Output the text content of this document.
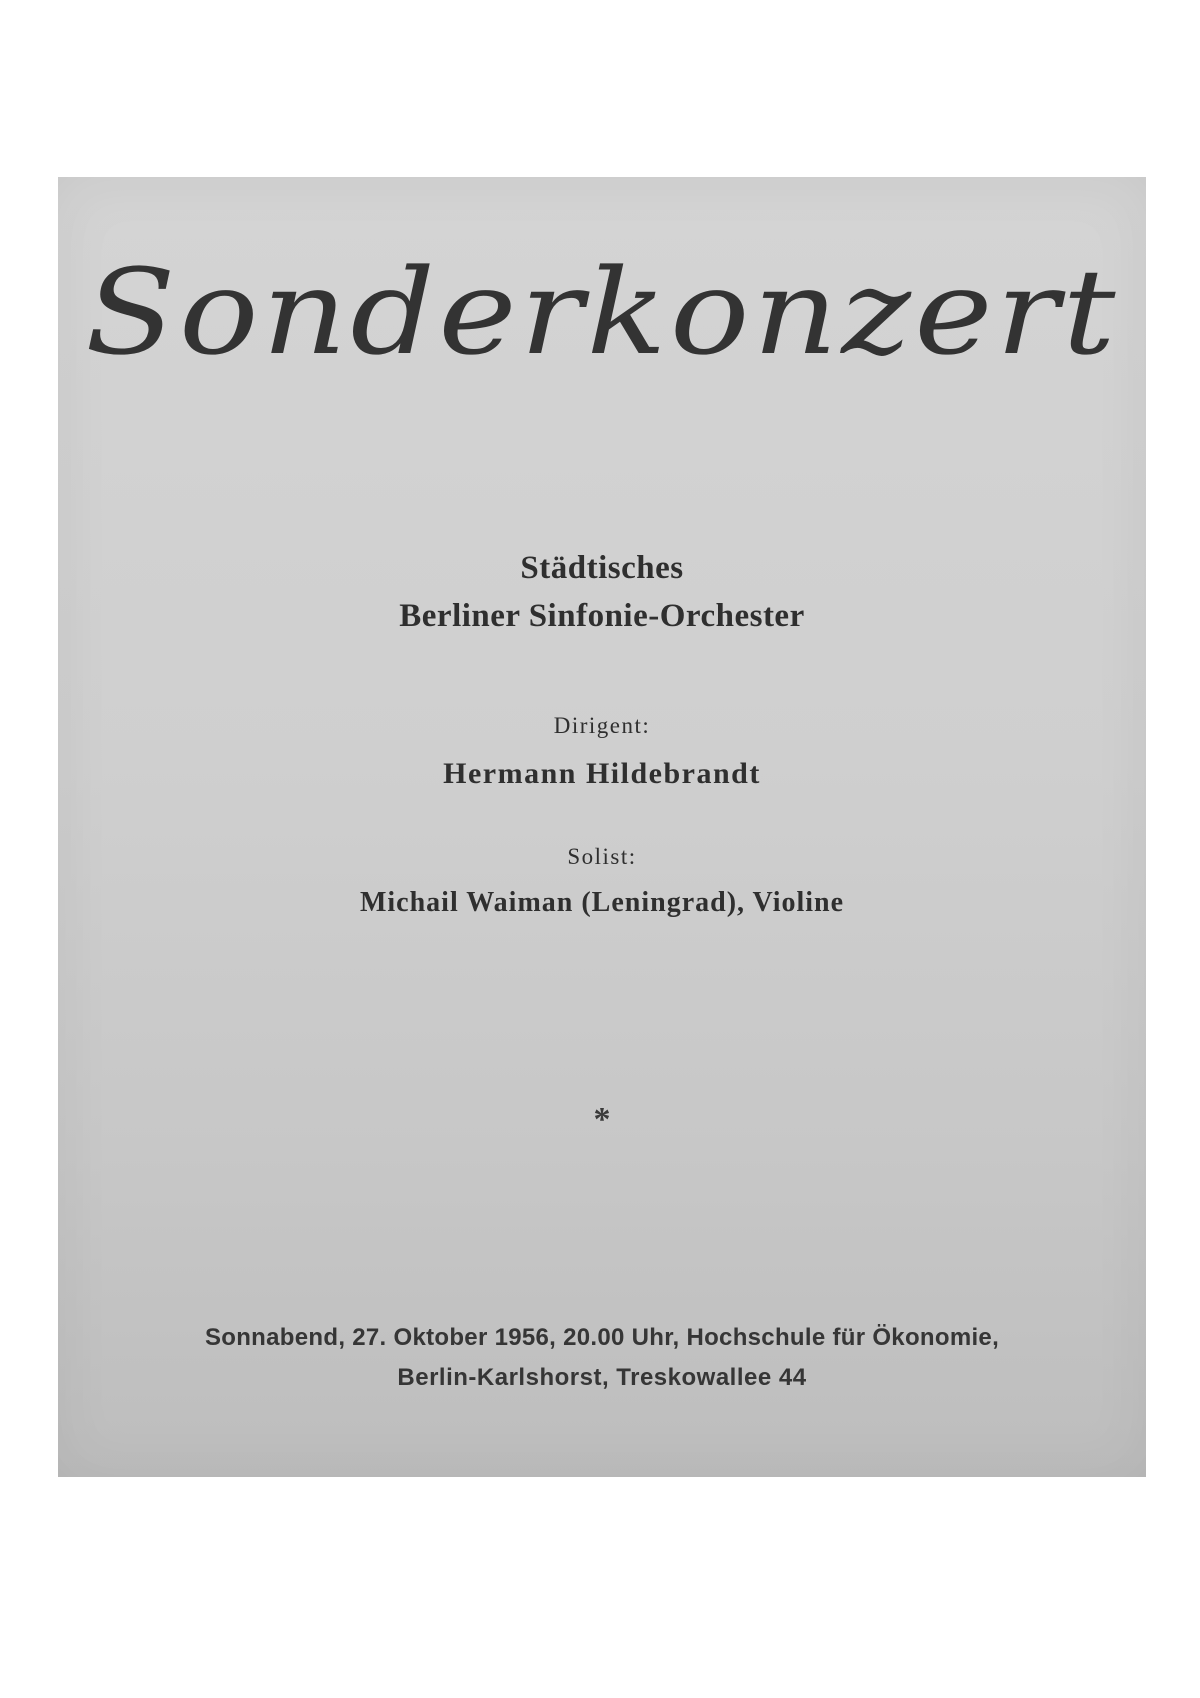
Sonderkonzert

Städtisches

Berliner Sinfonie-Orchester

Dirigent:

Hermann Hildebrandt

Solist:

Michail Waiman (Leningrad), Violine

*

Sonnabend, 27. Oktober 1956, 20.00 Uhr, Hochschule für Ökonomie,

Berlin-Karlshorst, Treskowallee 44
